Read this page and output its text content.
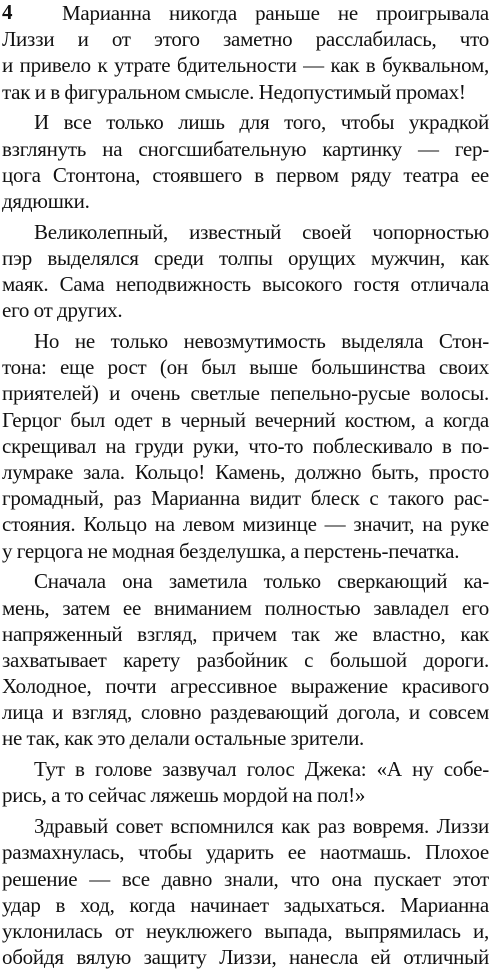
4 Марианна никогда раньше не проигрывала
Лиззи и от этого заметно расслабилась, что
и привело к утрате бдительности — как в буквальном,
так и в фигуральном смысле. Недопустимый промах!
И все только лишь для того, чтобы украдкой
взглянуть на сногсшибательную картинку — гер-
цога Стонтона, стоявшего в первом ряду театра ее
дядюшки.
Великолепный, известный своей чопорностью
пэр выделялся среди толпы орущих мужчин, как
маяк. Сама неподвижность высокого гостя отличала
его от других.
Но не только невозмутимость выделяла Стон-
тона: еще рост (он был выше большинства своих
приятелей) и очень светлые пепельно-русые волосы.
Герцог был одет в черный вечерний костюм, а когда
скрещивал на груди руки, что-то поблескивало в по-
лумраке зала. Кольцо! Камень, должно быть, просто
громадный, раз Марианна видит блеск с такого рас-
стояния. Кольцо на левом мизинце — значит, на руке
у герцога не модная безделушка, а перстень-печатка.
Сначала она заметила только сверкающий ка-
мень, затем ее вниманием полностью завладел его
напряженный взгляд, причем так же властно, как
захватывает карету разбойник с большой дороги.
Холодное, почти агрессивное выражение красивого
лица и взгляд, словно раздевающий догола, и совсем
не так, как это делали остальные зрители.
Тут в голове зазвучал голос Джека: «А ну собе-
рись, а то сейчас ляжешь мордой на пол!»
Здравый совет вспомнился как раз вовремя. Лиззи
размахнулась, чтобы ударить ее наотмашь. Плохое
решение — все давно знали, что она пускает этот
удар в ход, когда начинает задыхаться. Марианна
уклонилась от неуклюжего выпада, выпрямилась и,
обойдя вялую защиту Лиззи, нанесла ей отличный
